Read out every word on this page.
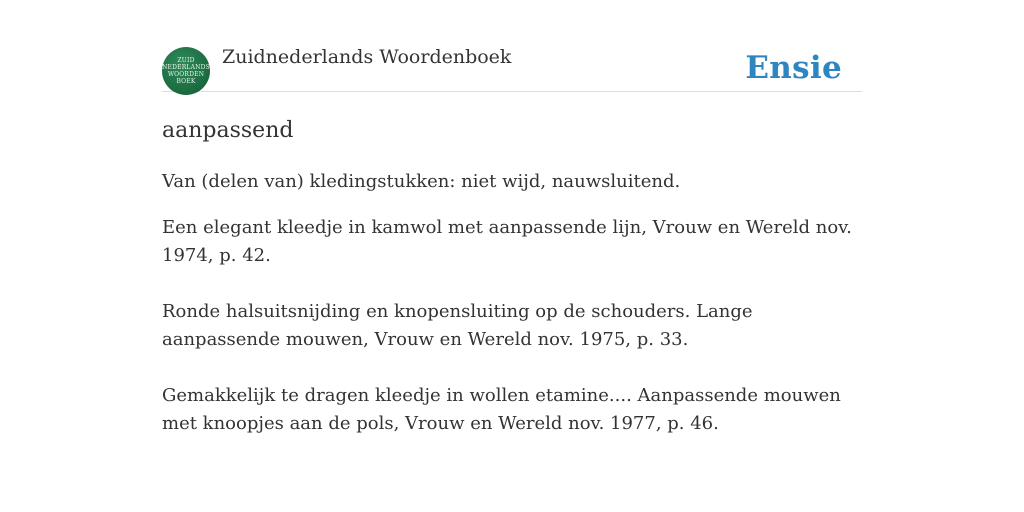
ZUID
NEDERLANDS
WOORDEN
BOEK
Zuidnederlands Woordenboek	Ensie
aanpassend
Van (delen van) kledingstukken: niet wijd, nauwsluitend.

Een elegant kleedje in kamwol met aanpassende lijn, Vrouw en Wereld nov. 1974, p. 42.

Ronde halsuitsnijding en knopensluiting op de schouders. Lange aanpassende mouwen, Vrouw en Wereld nov. 1975, p. 33.

Gemakkelijk te dragen kleedje in wollen etamine.... Aanpassende mouwen met knoopjes aan de pols, Vrouw en Wereld nov. 1977, p. 46.
